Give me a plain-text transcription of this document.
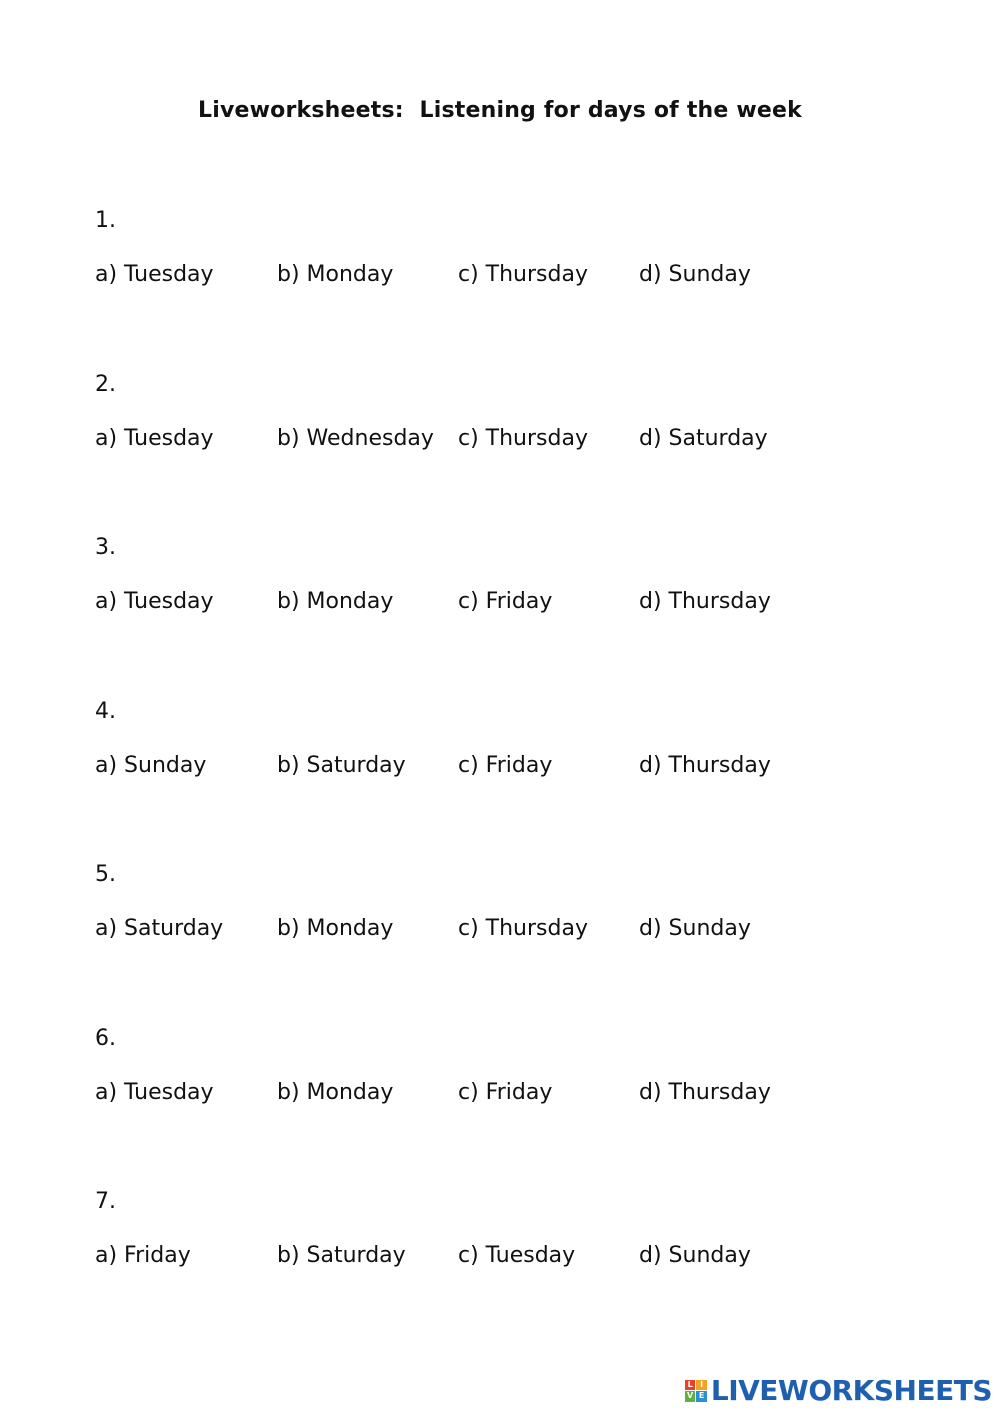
Liveworksheets:  Listening for days of the week
1.
a) Tuesday	b) Monday	c) Thursday d) Sunday
2.
a) Tuesday	b) Wednesday c) Thursday d) Saturday
3.
a) Tuesday	b) Monday	c) Friday	d) Thursday
4.
a) Sunday	b) Saturday c) Friday	d) Thursday
5.
a) Saturday b) Monday	c) Thursday d) Sunday
6.
a) Tuesday	b) Monday	c) Friday	d) Thursday
7.
a) Friday	b) Saturday c) Tuesday	d) Sunday
L I
V E LIVEWORKSHEETS
